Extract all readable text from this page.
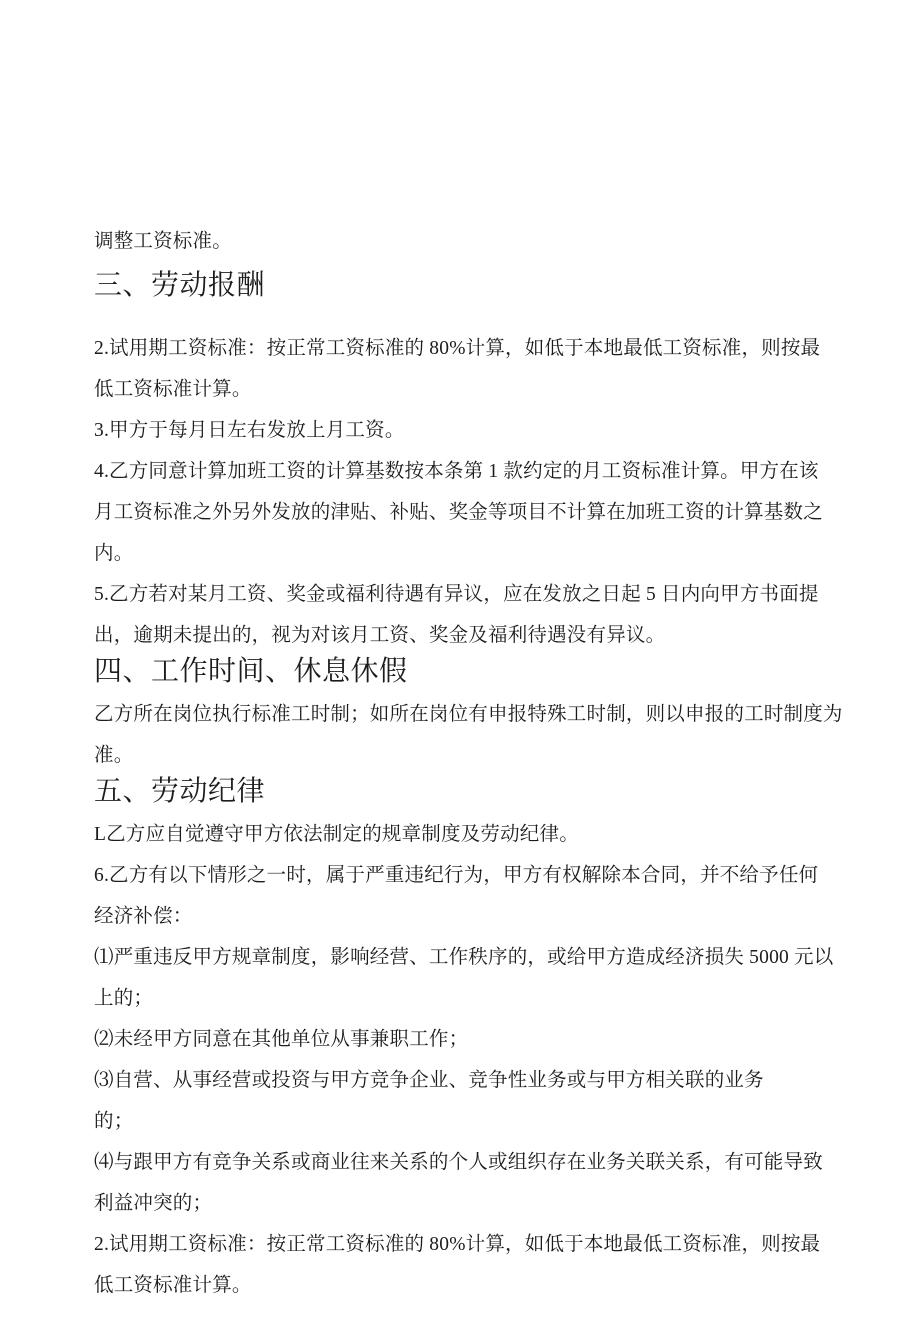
调整工资标准。
三、劳动报酬
2.试用期工资标准：按正常工资标准的 80%计算，如低于本地最低工资标准，则按最
低工资标准计算。
3.甲方于每月日左右发放上月工资。
4.乙方同意计算加班工资的计算基数按本条第 1 款约定的月工资标准计算。甲方在该
月工资标准之外另外发放的津贴、补贴、奖金等项目不计算在加班工资的计算基数之
内。
5.乙方若对某月工资、奖金或福利待遇有异议，应在发放之日起 5 日内向甲方书面提
出，逾期未提出的，视为对该月工资、奖金及福利待遇没有异议。
四、工作时间、休息休假
乙方所在岗位执行标准工时制；如所在岗位有申报特殊工时制，则以申报的工时制度为
准。
五、劳动纪律
L乙方应自觉遵守甲方依法制定的规章制度及劳动纪律。
6.乙方有以下情形之一时，属于严重违纪行为，甲方有权解除本合同，并不给予任何
经济补偿：
⑴严重违反甲方规章制度，影响经营、工作秩序的，或给甲方造成经济损失 5000 元以
上的；
⑵未经甲方同意在其他单位从事兼职工作；
⑶自营、从事经营或投资与甲方竞争企业、竞争性业务或与甲方相关联的业务
的；
⑷与跟甲方有竞争关系或商业往来关系的个人或组织存在业务关联关系，有可能导致
利益冲突的；
2.试用期工资标准：按正常工资标准的 80%计算，如低于本地最低工资标准，则按最
低工资标准计算。
